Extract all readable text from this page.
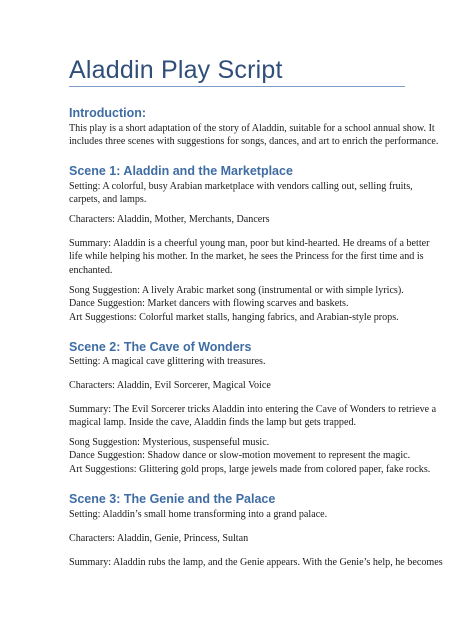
Aladdin Play Script
Introduction:
This play is a short adaptation of the story of Aladdin, suitable for a school annual show. It
includes three scenes with suggestions for songs, dances, and art to enrich the performance.
Scene 1: Aladdin and the Marketplace
Setting: A colorful, busy Arabian marketplace with vendors calling out, selling fruits,
carpets, and lamps.
Characters: Aladdin, Mother, Merchants, Dancers
Summary: Aladdin is a cheerful young man, poor but kind-hearted. He dreams of a better
life while helping his mother. In the market, he sees the Princess for the first time and is
enchanted.
Song Suggestion: A lively Arabic market song (instrumental or with simple lyrics).
Dance Suggestion: Market dancers with flowing scarves and baskets.
Art Suggestions: Colorful market stalls, hanging fabrics, and Arabian-style props.
Scene 2: The Cave of Wonders
Setting: A magical cave glittering with treasures.
Characters: Aladdin, Evil Sorcerer, Magical Voice
Summary: The Evil Sorcerer tricks Aladdin into entering the Cave of Wonders to retrieve a
magical lamp. Inside the cave, Aladdin finds the lamp but gets trapped.
Song Suggestion: Mysterious, suspenseful music.
Dance Suggestion: Shadow dance or slow-motion movement to represent the magic.
Art Suggestions: Glittering gold props, large jewels made from colored paper, fake rocks.
Scene 3: The Genie and the Palace
Setting: Aladdin’s small home transforming into a grand palace.
Characters: Aladdin, Genie, Princess, Sultan
Summary: Aladdin rubs the lamp, and the Genie appears. With the Genie’s help, he becomes
